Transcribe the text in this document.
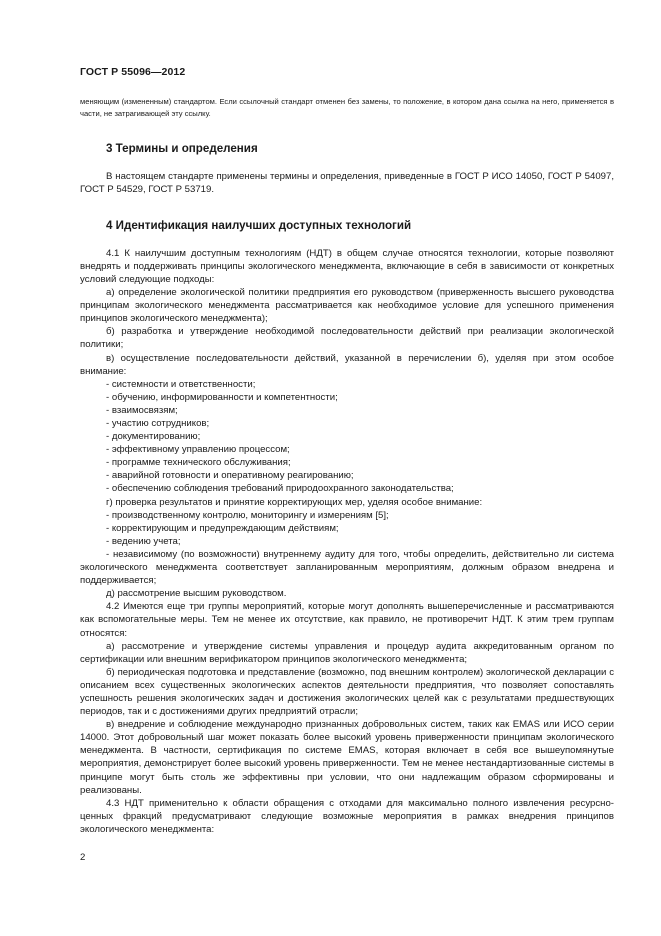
ГОСТ Р 55096—2012

меняющим (измененным) стандартом. Если ссылочный стандарт отменен без замены, то положение, в котором дана ссылка на него, применяется в части, не затрагивающей эту ссылку.

3 Термины и определения

В настоящем стандарте применены термины и определения, приведенные в ГОСТ Р ИСО 14050, ГОСТ Р 54097, ГОСТ Р 54529, ГОСТ Р 53719.

4 Идентификация наилучших доступных технологий

4.1 К наилучшим доступным технологиям (НДТ) в общем случае относятся технологии, которые позволяют внедрять и поддерживать принципы экологического менеджмента, включающие в себя в зависимости от конкретных условий следующие подходы:

а) определение экологической политики предприятия его руководством (приверженность высшего руководства принципам экологического менеджмента рассматривается как необходимое условие для успешного применения принципов экологического менеджмента);

б) разработка и утверждение необходимой последовательности действий при реализации экологической политики;

в) осуществление последовательности действий, указанной в перечислении б), уделяя при этом особое внимание:

- системности и ответственности;

- обучению, информированности и компетентности;

- взаимосвязям;

- участию сотрудников;

- документированию;

- эффективному управлению процессом;

- программе технического обслуживания;

- аварийной готовности и оперативному реагированию;

- обеспечению соблюдения требований природоохранного законодательства;

г) проверка результатов и принятие корректирующих мер, уделяя особое внимание:

- производственному контролю, мониторингу и измерениям [5];

- корректирующим и предупреждающим действиям;

- ведению учета;

- независимому (по возможности) внутреннему аудиту для того, чтобы определить, действительно ли система экологического менеджмента соответствует запланированным мероприятиям, должным образом внедрена и поддерживается;

д) рассмотрение высшим руководством.

4.2 Имеются еще три группы мероприятий, которые могут дополнять вышеперечисленные и рассматриваются как вспомогательные меры. Тем не менее их отсутствие, как правило, не противоречит НДТ. К этим трем группам относятся:

а) рассмотрение и утверждение системы управления и процедур аудита аккредитованным органом по сертификации или внешним верификатором принципов экологического менеджмента;

б) периодическая подготовка и представление (возможно, под внешним контролем) экологической декларации с описанием всех существенных экологических аспектов деятельности предприятия, что позволяет сопоставлять успешность решения экологических задач и достижения экологических целей как с результатами предшествующих периодов, так и с достижениями других предприятий отрасли;

в) внедрение и соблюдение международно признанных добровольных систем, таких как EMAS или ИСО серии 14000. Этот добровольный шаг может показать более высокий уровень приверженности принципам экологического менеджмента. В частности, сертификация по системе EMAS, которая включает в себя все вышеупомянутые мероприятия, демонстрирует более высокий уровень приверженности. Тем не менее нестандартизованные системы в принципе могут быть столь же эффективны при условии, что они надлежащим образом сформированы и реализованы.

4.3 НДТ применительно к области обращения с отходами для максимально полного извлечения ресурсно-ценных фракций предусматривают следующие возможные мероприятия в рамках внедрения принципов экологического менеджмента:

2
